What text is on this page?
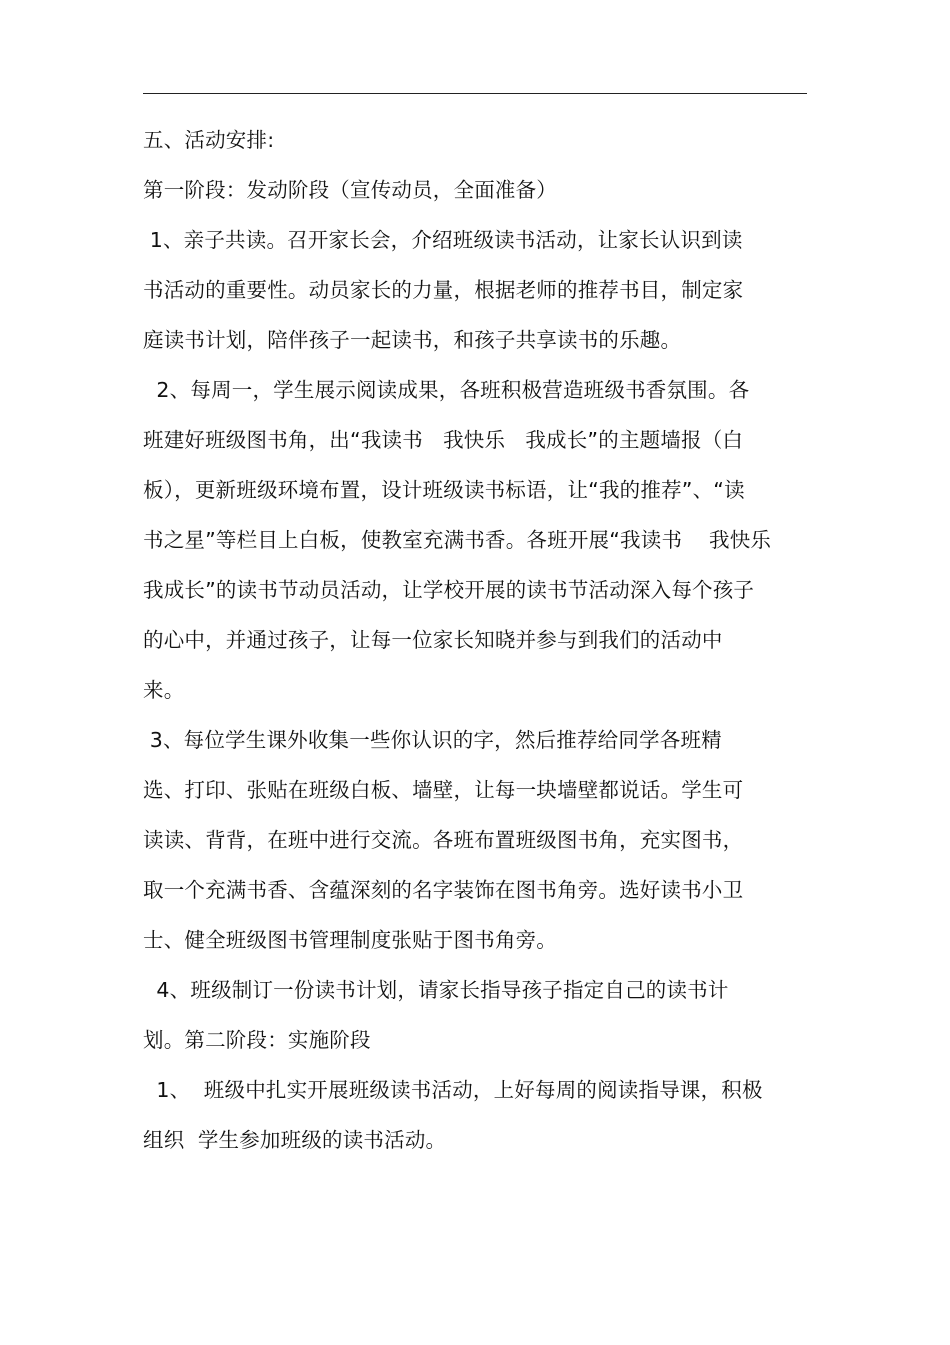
五、活动安排:
第一阶段：发动阶段（宣传动员，全面准备）
1、亲子共读。召开家长会，介绍班级读书活动，让家长认识到读
书活动的重要性。动员家长的力量，根据老师的推荐书目，制定家
庭读书计划，陪伴孩子一起读书，和孩子共享读书的乐趣。
2、每周一，学生展示阅读成果，各班积极营造班级书香氛围。各
班建好班级图书角，出“我读书   我快乐   我成长”的主题墙报（白
板），更新班级环境布置，设计班级读书标语，让“我的推荐”、“读
书之星”等栏目上白板，使教室充满书香。各班开展“我读书    我快乐
我成长”的读书节动员活动，让学校开展的读书节活动深入每个孩子
的心中，并通过孩子，让每一位家长知晓并参与到我们的活动中
来。
3、每位学生课外收集一些你认识的字，然后推荐给同学各班精
选、打印、张贴在班级白板、墙壁，让每一块墙壁都说话。学生可
读读、背背，在班中进行交流。各班布置班级图书角，充实图书，
取一个充满书香、含蕴深刻的名字装饰在图书角旁。选好读书小卫
士、健全班级图书管理制度张贴于图书角旁。
4、班级制订一份读书计划，请家长指导孩子指定自己的读书计
划。第二阶段：实施阶段
1、  班级中扎实开展班级读书活动，上好每周的阅读指导课，积极
组织  学生参加班级的读书活动。
